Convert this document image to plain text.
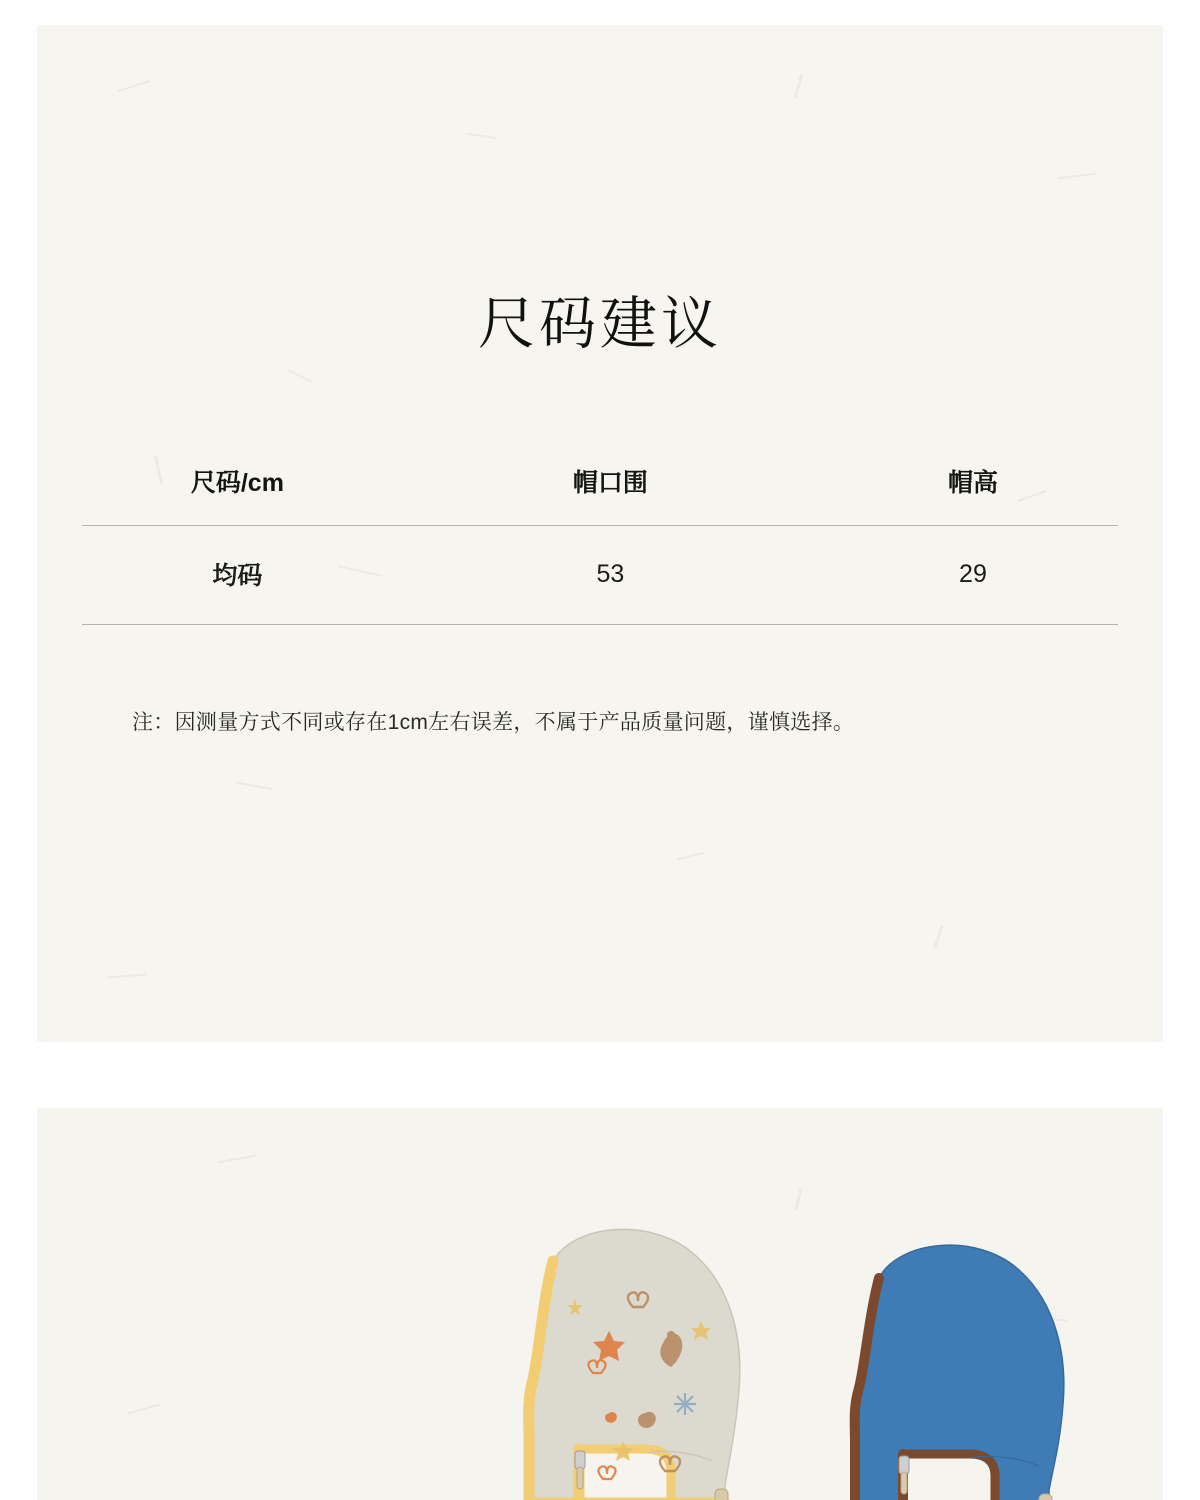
尺码建议
尺码/cm	帽口围	帽高
均码	53	29

注：因测量方式不同或存在1cm左右误差，不属于产品质量问题，谨慎选择。
